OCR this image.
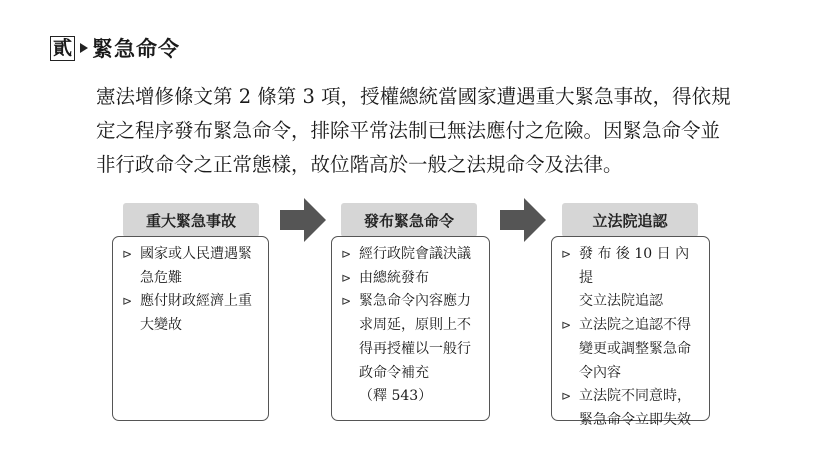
貳 緊急命令
憲法增修條文第 2 條第 3 項，授權總統當國家遭遇重大緊急事故，得依規
定之程序發布緊急命令，排除平常法制已無法應付之危險。因緊急命令並
非行政命令之正常態樣，故位階高於一般之法規命令及法律。
重大緊急事故
⊳ 國家或人民遭遇緊
急危難
⊳ 應付財政經濟上重
大變故
發布緊急命令
⊳ 經行政院會議決議
⊳ 由總統發布
⊳ 緊急命令內容應力
求周延，原則上不
得再授權以一般行
政命令補充
（釋 543）
立法院追認
⊳ 發 布 後 10 日 內 提
交立法院追認
⊳ 立法院之追認不得
變更或調整緊急命
令內容
⊳ 立法院不同意時，
緊急命令立即失效
